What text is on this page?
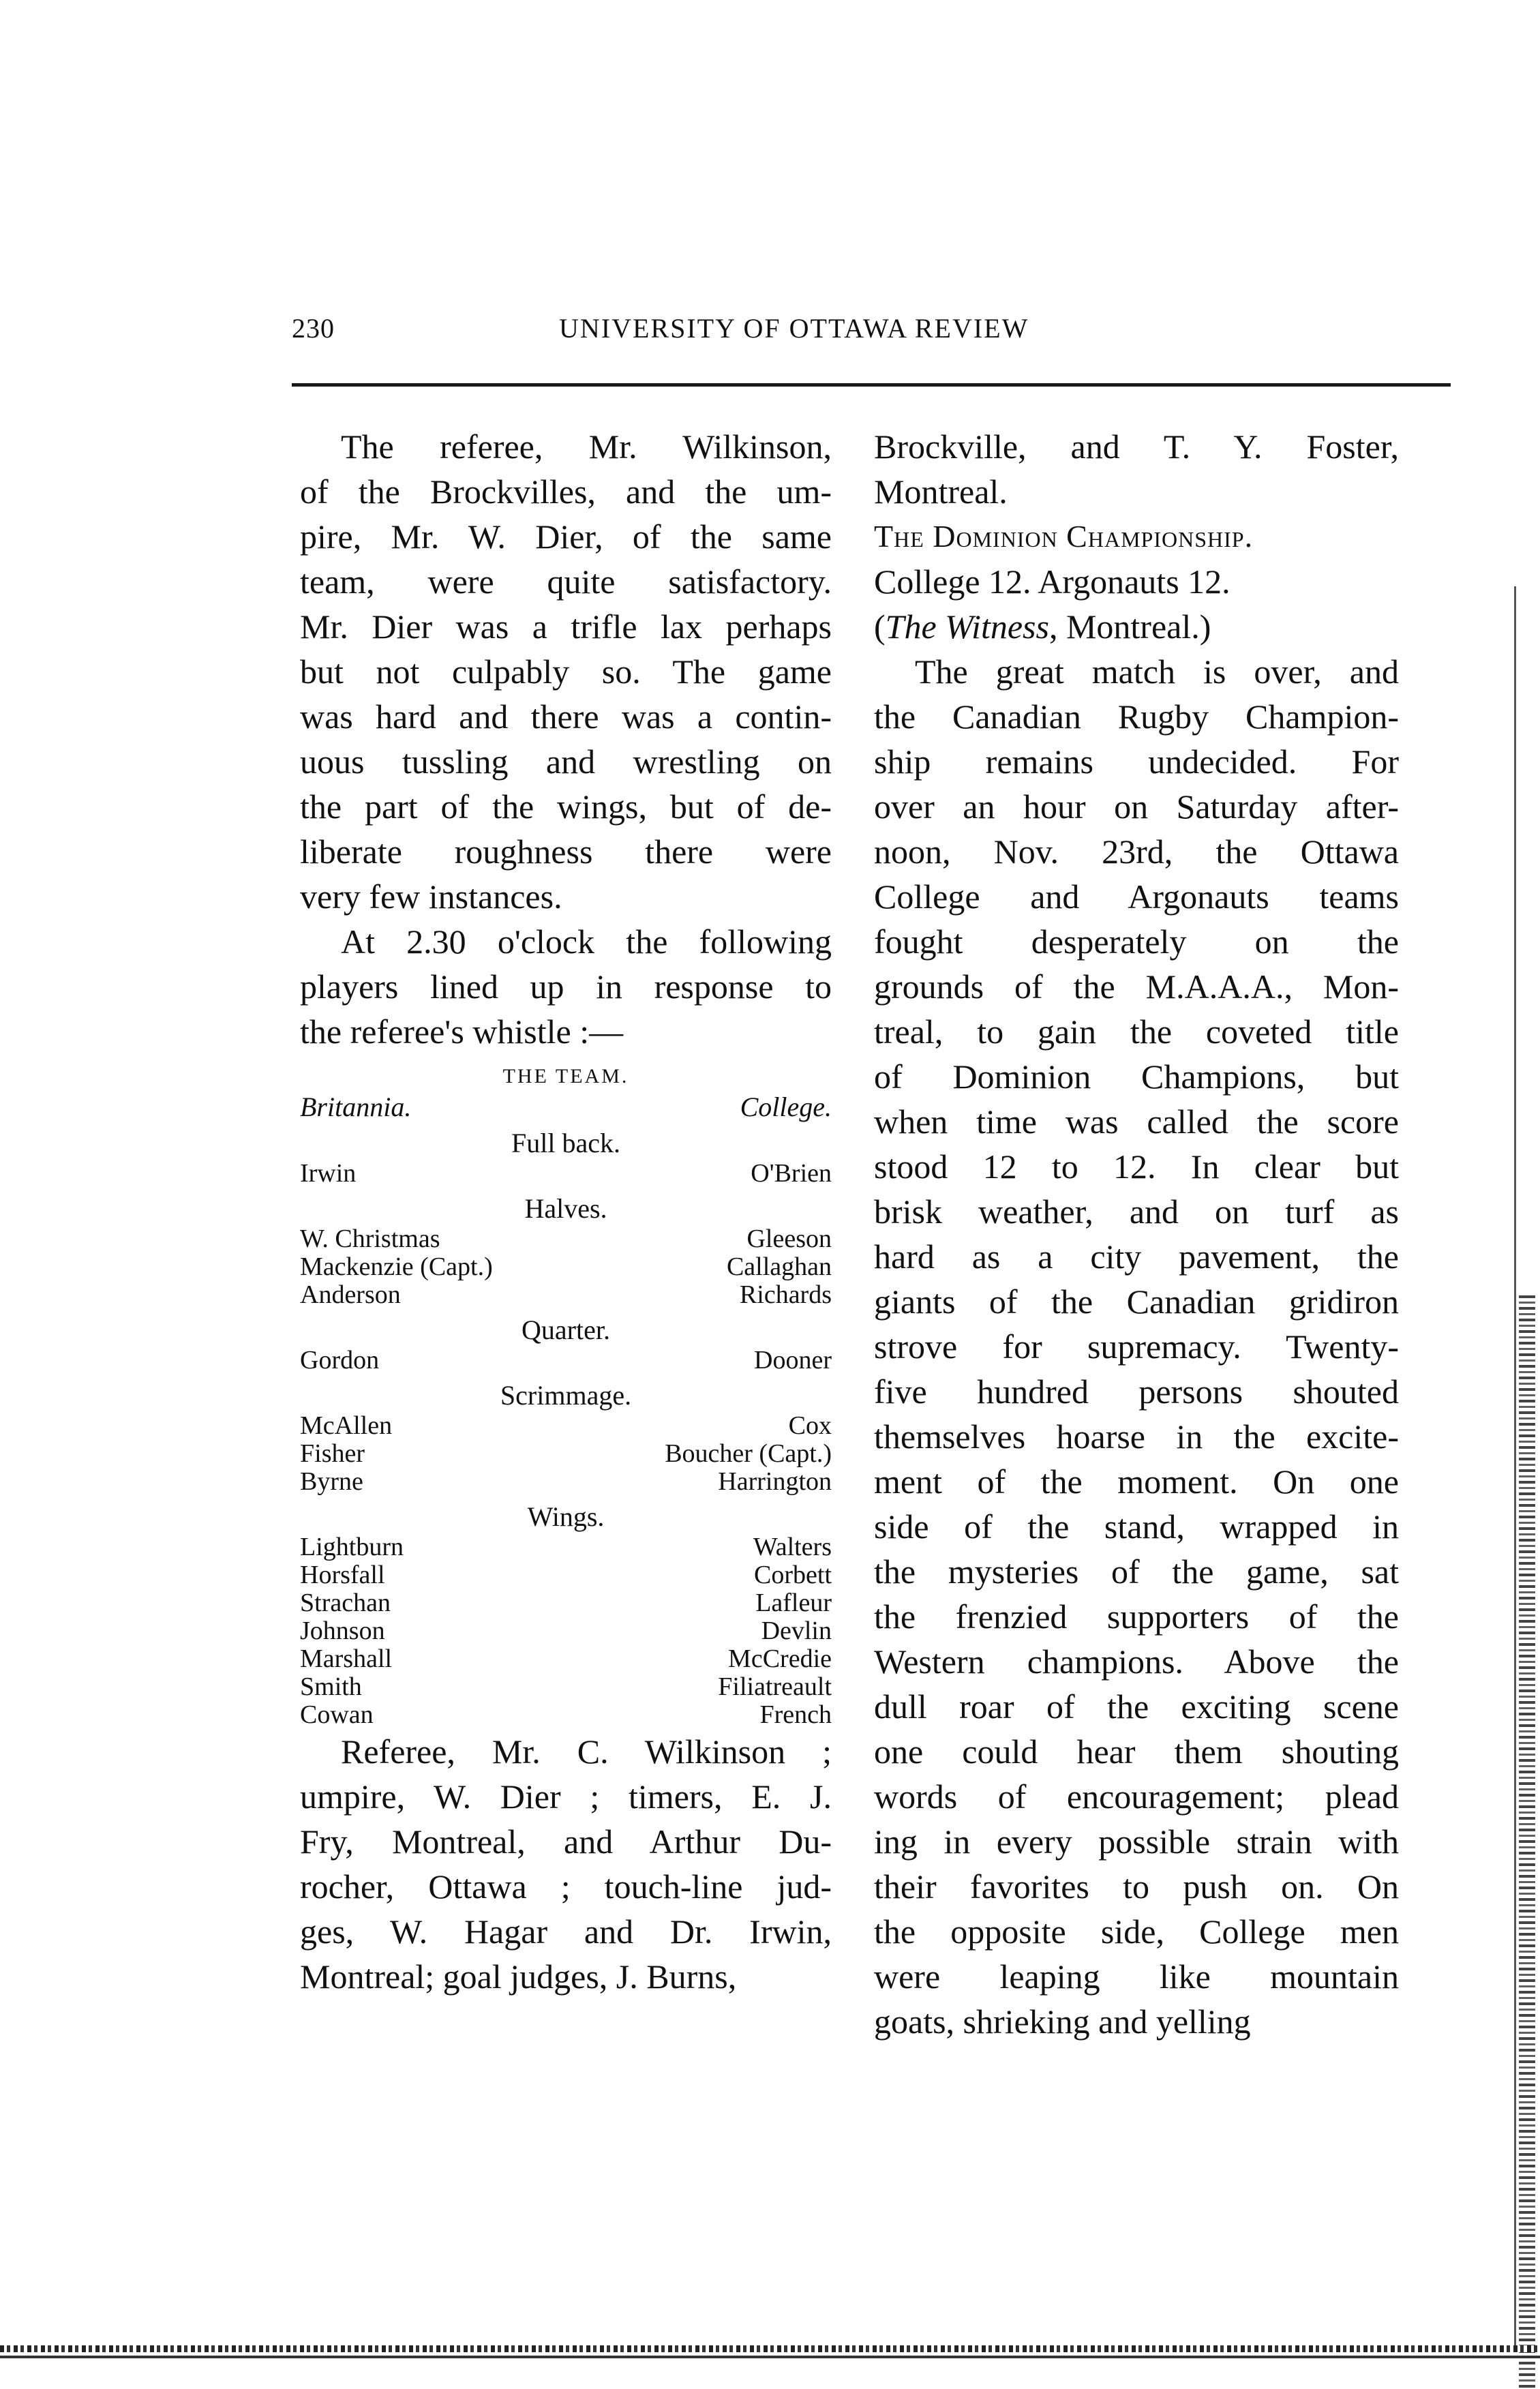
230	UNIVERSITY OF OTTAWA REVIEW

The referee, Mr. Wilkinson,
of the Brockvilles, and the um-
pire, Mr. W. Dier, of the same
team, were quite satisfactory.
Mr. Dier was a trifle lax perhaps
but not culpably so. The game
was hard and there was a contin-
uous tussling and wrestling on
the part of the wings, but of de-
liberate roughness there were
very few instances.

At 2.30 o'clock the following
players lined up in response to
the referee's whistle :—

THE TEAM.
Britannia.	College.
Full back.
Irwin	O'Brien
Halves.
W. Christmas	Gleeson
Mackenzie (Capt.)	Callaghan
Anderson	Richards
Quarter.
Gordon	Dooner
Scrimmage.
McAllen	Cox
Fisher	Boucher (Capt.)
Byrne	Harrington
Wings.
Lightburn	Walters
Horsfall	Corbett
Strachan	Lafleur
Johnson	Devlin
Marshall	McCredie
Smith	Filiatreault
Cowan	French

Referee, Mr. C. Wilkinson ;
umpire, W. Dier ; timers, E. J.
Fry, Montreal, and Arthur Du-
rocher, Ottawa ; touch-line jud-
ges, W. Hagar and Dr. Irwin,
Montreal; goal judges, J. Burns,

Brockville, and T. Y. Foster,
Montreal.

The Dominion Championship.

College 12. Argonauts 12.

(The Witness, Montreal.)

The great match is over, and
the Canadian Rugby Champion-
ship remains undecided. For
over an hour on Saturday after-
noon, Nov. 23rd, the Ottawa
College and Argonauts teams
fought desperately on the
grounds of the M.A.A.A., Mon-
treal, to gain the coveted title
of Dominion Champions, but
when time was called the score
stood 12 to 12. In clear but
brisk weather, and on turf as
hard as a city pavement, the
giants of the Canadian gridiron
strove for supremacy. Twenty-
five hundred persons shouted
themselves hoarse in the excite-
ment of the moment. On one
side of the stand, wrapped in
the mysteries of the game, sat
the frenzied supporters of the
Western champions. Above the
dull roar of the exciting scene
one could hear them shouting
words of encouragement; plead
ing in every possible strain with
their favorites to push on. On
the opposite side, College men
were leaping like mountain
goats, shrieking and yelling
